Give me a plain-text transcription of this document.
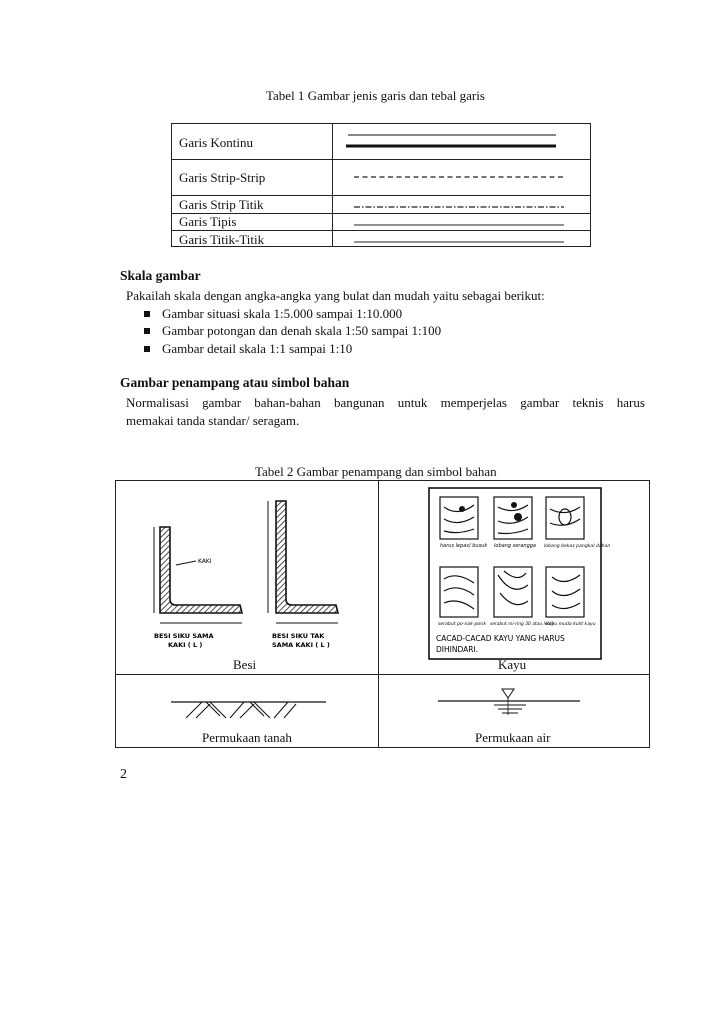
Tabel 1 Gambar jenis garis dan tebal garis
Garis Kontinu
Garis Strip-Strip
Garis Strip Titik
Garis Tipis
Garis Titik-Titik
Skala gambar
Pakailah skala dengan angka-angka yang bulat dan mudah yaitu sebagai berikut:
Gambar situasi skala 1:5.000 sampai 1:10.000
Gambar potongan dan denah skala 1:50 sampai 1:100
Gambar detail skala 1:1 sampai 1:10
Gambar penampang atau simbol bahan
Normalisasi gambar bahan-bahan bangunan untuk memperjelas gambar teknis harus
memakai tanda standar/ seragam.
Tabel 2 Gambar penampang dan simbol bahan
KAKI
BESI SIKU SAMA
KAKI ( L )
BESI SIKU TAK
SAMA KAKI ( L )
harus lepas/ busuk lobang serangga lobang bekas pangkal dahan
serabut po-nak-porik serabut mi-ring 30 atau lebih
kayu muda kulit kayu
CACAD-CACAD KAYU YANG HARUS
DIHINDARI.
Besi	Kayu
Permukaan tanah	Permukaan air
2
